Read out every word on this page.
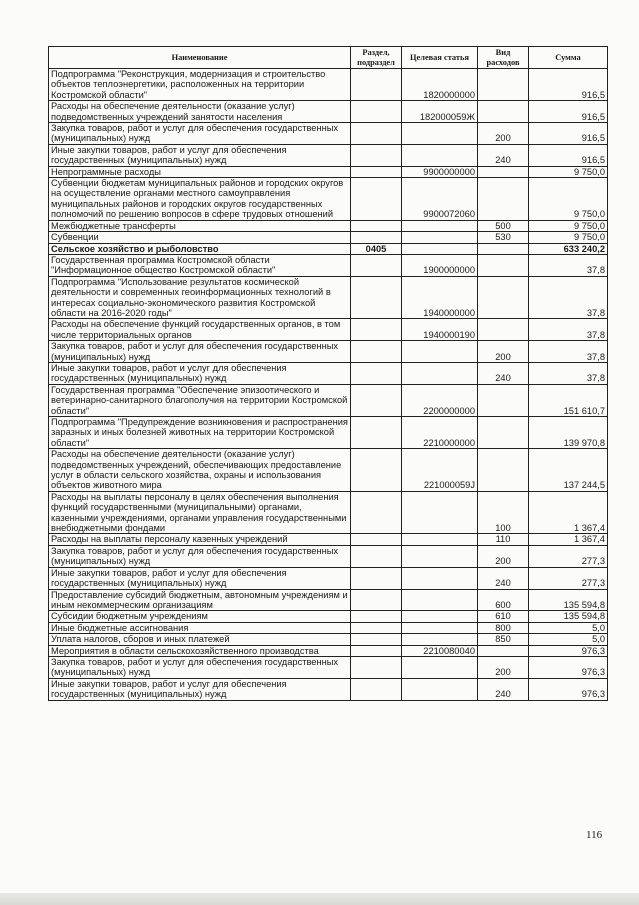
Наименование	Раздел, подраздел	Целевая статья	Вид расходов	Сумма
Подпрограмма "Реконструкция, модернизация и строительство объектов теплоэнергетики, расположенных на территории Костромской области"		1820000000		916,5
Расходы на обеспечение деятельности (оказание услуг) подведомственных учреждений занятости населения		182000059Ж		916,5
Закупка товаров, работ и услуг для обеспечения государственных (муниципальных) нужд			200	916,5
Иные закупки товаров, работ и услуг для обеспечения государственных (муниципальных) нужд			240	916,5
Непрограммные расходы		9900000000		9 750,0
Субвенции бюджетам муниципальных районов и городских округов на осуществление органами местного самоуправления муниципальных районов и городских округов государственных полномочий по решению вопросов в сфере трудовых отношений		9900072060		9 750,0
Межбюджетные трансферты			500	9 750,0
Субвенции			530	9 750,0
Сельское хозяйство и рыболовство	0405			633 240,2
Государственная программа Костромской области "Информационное общество Костромской области"		1900000000		37,8
Подпрограмма "Использование результатов космической деятельности и современных геоинформационных технологий в интересах социально-экономического развития Костромской области на 2016-2020 годы"		1940000000		37,8
Расходы на обеспечение функций государственных органов, в том числе территориальных органов		1940000190		37,8
Закупка товаров, работ и услуг для обеспечения государственных (муниципальных) нужд			200	37,8
Иные закупки товаров, работ и услуг для обеспечения государственных (муниципальных) нужд			240	37,8
Государственная программа "Обеспечение эпизоотического и ветеринарно-санитарного благополучия на территории Костромской области"		2200000000		151 610,7
Подпрограмма "Предупреждение возникновения и распространения заразных и иных болезней животных на территории Костромской области"		2210000000		139 970,8
Расходы на обеспечение деятельности (оказание услуг) подведомственных учреждений, обеспечивающих предоставление услуг в области сельского хозяйства, охраны и использования объектов животного мира		221000059J		137 244,5
Расходы на выплаты персоналу в целях обеспечения выполнения функций государственными (муниципальными) органами, казенными учреждениями, органами управления государственными внебюджетными фондами			100	1 367,4
Расходы на выплаты персоналу казенных учреждений			110	1 367,4
Закупка товаров, работ и услуг для обеспечения государственных (муниципальных) нужд			200	277,3
Иные закупки товаров, работ и услуг для обеспечения государственных (муниципальных) нужд			240	277,3
Предоставление субсидий бюджетным, автономным учреждениям и иным некоммерческим организациям			600	135 594,8
Субсидии бюджетным учреждениям			610	135 594,8
Иные бюджетные ассигнования			800	5,0
Уплата налогов, сборов и иных платежей			850	5,0
Мероприятия в области сельскохозяйственного производства		2210080040		976,3
Закупка товаров, работ и услуг для обеспечения государственных (муниципальных) нужд			200	976,3
Иные закупки товаров, работ и услуг для обеспечения государственных (муниципальных) нужд			240	976,3
116
